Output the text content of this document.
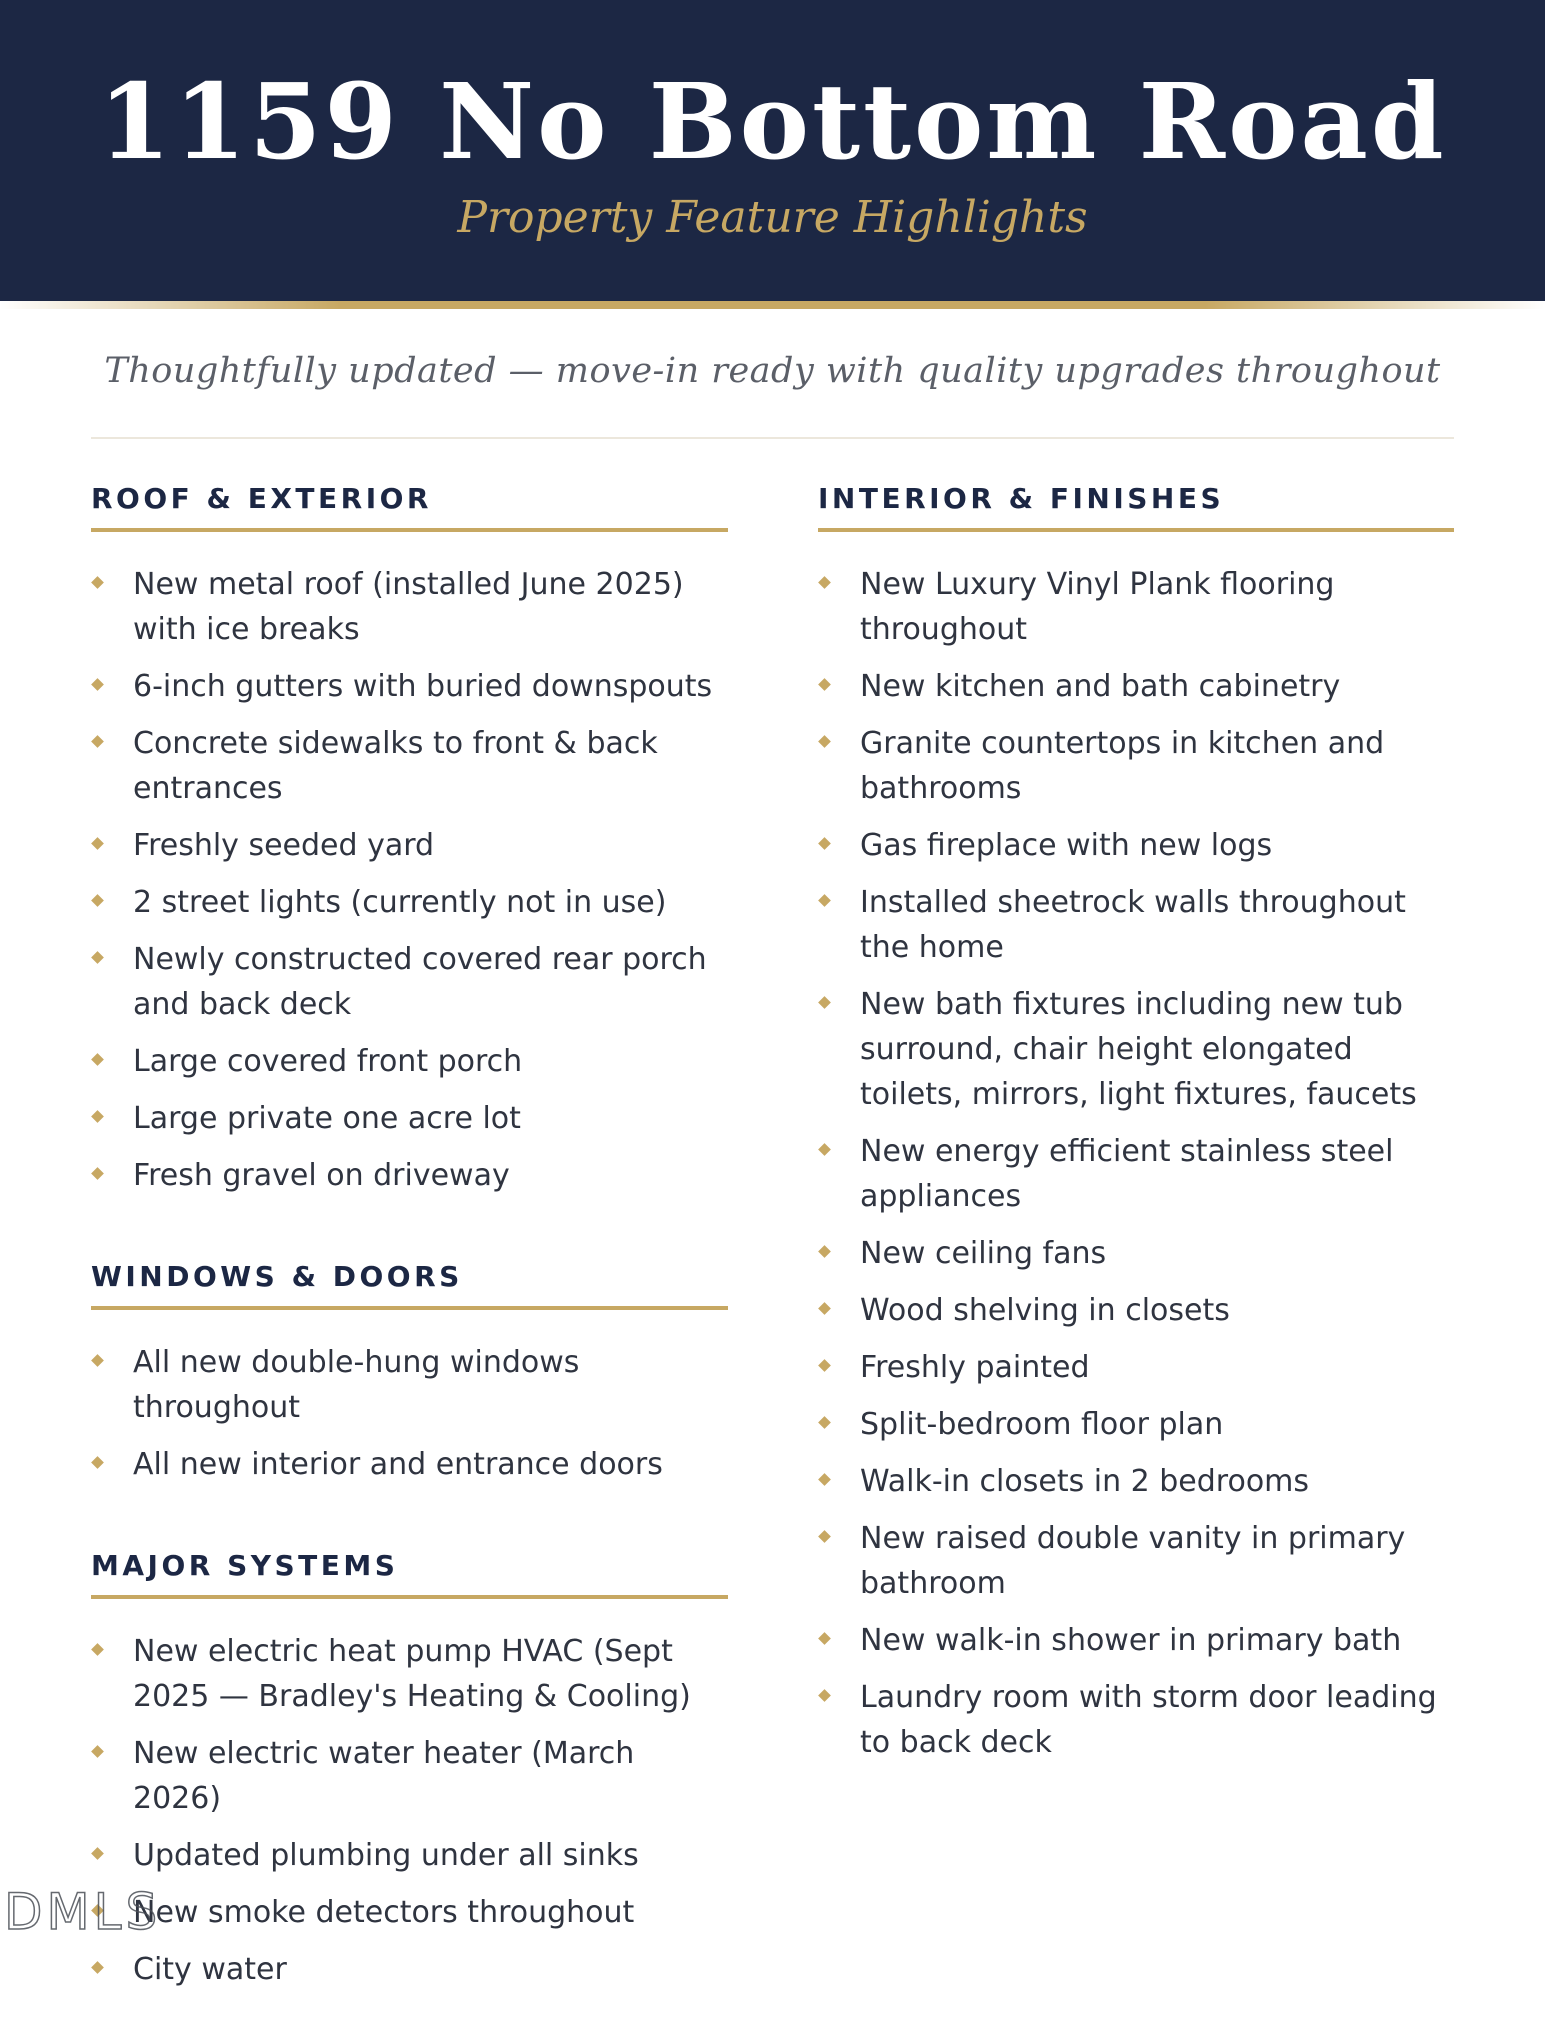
1159 No Bottom Road
Property Feature Highlights
Thoughtfully updated — move-in ready with quality upgrades throughout
ROOF & EXTERIOR
New metal roof (installed June 2025) with ice breaks
6-inch gutters with buried downspouts
Concrete sidewalks to front & back entrances
Freshly seeded yard
2 street lights (currently not in use)
Newly constructed covered rear porch and back deck
Large covered front porch
Large private one acre lot
Fresh gravel on driveway
WINDOWS & DOORS
All new double-hung windows throughout
All new interior and entrance doors
MAJOR SYSTEMS
New electric heat pump HVAC (Sept 2025 — Bradley's Heating & Cooling)
New electric water heater (March 2026)
Updated plumbing under all sinks
New smoke detectors throughout
City water
INTERIOR & FINISHES
New Luxury Vinyl Plank flooring throughout
New kitchen and bath cabinetry
Granite countertops in kitchen and bathrooms
Gas fireplace with new logs
Installed sheetrock walls throughout the home
New bath fixtures including new tub surround, chair height elongated toilets, mirrors, light fixtures, faucets
New energy efficient stainless steel appliances
New ceiling fans
Wood shelving in closets
Freshly painted
Split-bedroom floor plan
Walk-in closets in 2 bedrooms
New raised double vanity in primary bathroom
New walk-in shower in primary bath
Laundry room with storm door leading to back deck
DMLS
